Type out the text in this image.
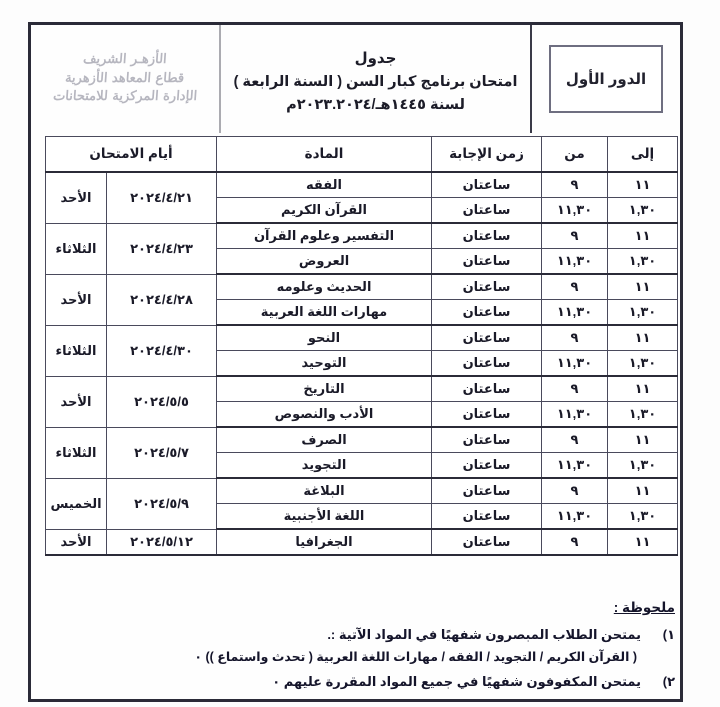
الدور الأول
جدول
امتحان برنامج كبار السن ( السنة الرابعة )
لسنة ١٤٤٥هـ/٢٠٢٣.٢٠٢٤م
الأزهـر الشريف
قطاع المعاهد الأزهرية
الإدارة المركزية للامتحانات
إلى	من	زمن الإجابة	المادة	أيام الامتحان	
١١	٩	ساعتان	الفقه	٢٠٢٤/٤/٢١	الأحد
١,٣٠	١١,٣٠	ساعتان	القرآن الكريم		
١١	٩	ساعتان	التفسير وعلوم القرآن	٢٠٢٤/٤/٢٣	الثلاثاء
١,٣٠	١١,٣٠	ساعتان	العروض		
١١	٩	ساعتان	الحديث وعلومه	٢٠٢٤/٤/٢٨	الأحد
١,٣٠	١١,٣٠	ساعتان	مهارات اللغة العربية		
١١	٩	ساعتان	النحو	٢٠٢٤/٤/٣٠	الثلاثاء
١,٣٠	١١,٣٠	ساعتان	التوحيد		
١١	٩	ساعتان	التاريخ	٢٠٢٤/٥/٥	الأحد
١,٣٠	١١,٣٠	ساعتان	الأدب والنصوص		
١١	٩	ساعتان	الصرف	٢٠٢٤/٥/٧	الثلاثاء
١,٣٠	١١,٣٠	ساعتان	التجويد		
١١	٩	ساعتان	البلاغة	٢٠٢٤/٥/٩	الخميس
١,٣٠	١١,٣٠	ساعتان	اللغة الأجنبية		
١١	٩	ساعتان	الجغرافيا	٢٠٢٤/٥/١٢	الأحد
ملحوظة :
١)
يمتحن الطلاب المبصرون شفهيًا في المواد الآتية :.
( القرآن الكريم / التجويد / الفقه / مهارات اللغة العربية ( تحدث واستماع )) ٠
٢)
يمتحن المكفوفون شفهيًا في جميع المواد المقررة عليهم ٠
